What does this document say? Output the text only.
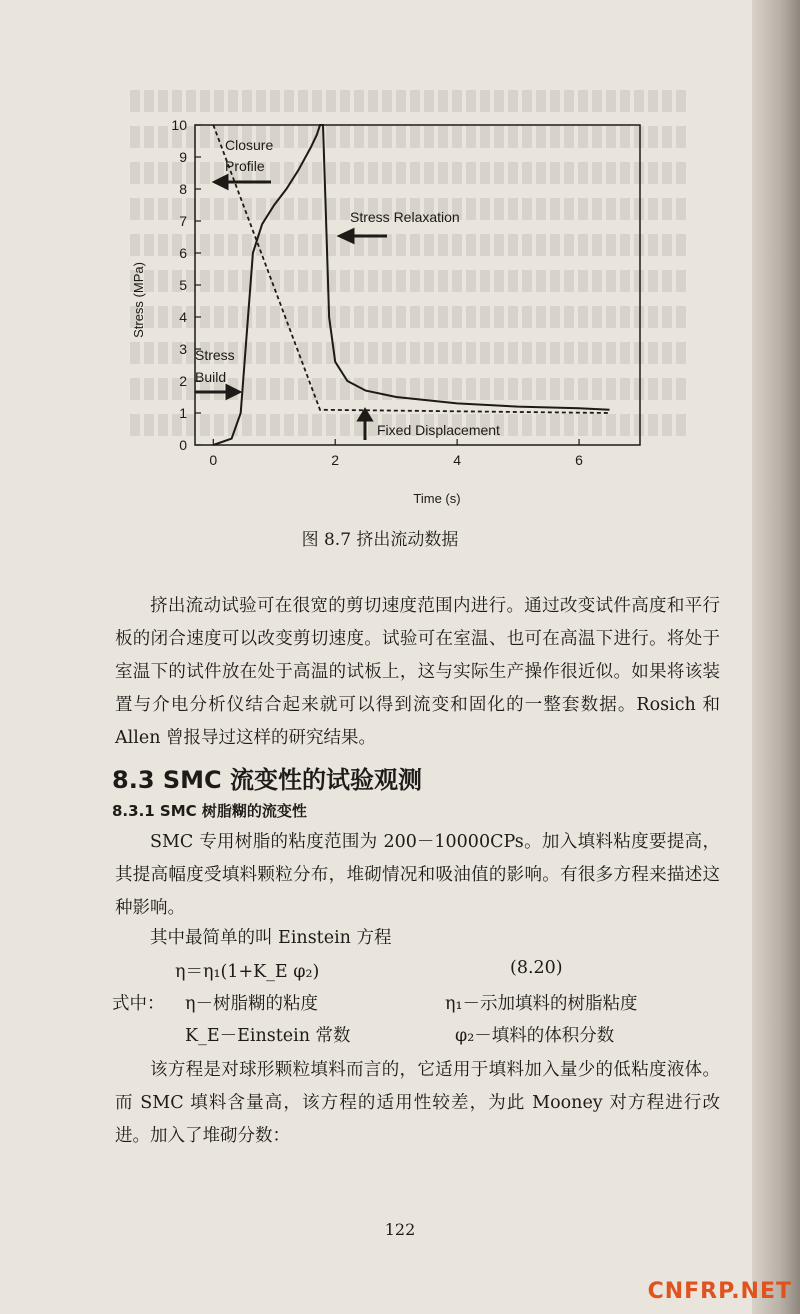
0
1
2
3
4
5
6
7
8
9
10
0	2	4	6
Stress (MPa)
Time (s)
Closure
Profile
Stress Relaxation
Stress
Build
Fixed Displacement
图 8.7 挤出流动数据

挤出流动试验可在很宽的剪切速度范围内进行。通过改变试件高度和平行板的闭合速度可以改变剪切速度。试验可在室温、也可在高温下进行。将处于室温下的试件放在处于高温的试板上，这与实际生产操作很近似。如果将该装置与介电分析仪结合起来就可以得到流变和固化的一整套数据。Rosich 和 Allen 曾报导过这样的研究结果。

8.3 SMC 流变性的试验观测
8.3.1 SMC 树脂糊的流变性

SMC 专用树脂的粘度范围为 200－10000CPs。加入填料粘度要提高，其提高幅度受填料颗粒分布，堆砌情况和吸油值的影响。有很多方程来描述这种影响。

其中最简单的叫 Einstein 方程

η＝η₁(1+K_E φ₂)	(8.20)
式中： η－树脂糊的粘度	η₁－示加填料的树脂粘度
K_E－Einstein 常数	φ₂－填料的体积分数

该方程是对球形颗粒填料而言的，它适用于填料加入量少的低粘度液体。而 SMC 填料含量高，该方程的适用性较差，为此 Mooney 对方程进行改进。加入了堆砌分数：

122
CNFRP.NET
